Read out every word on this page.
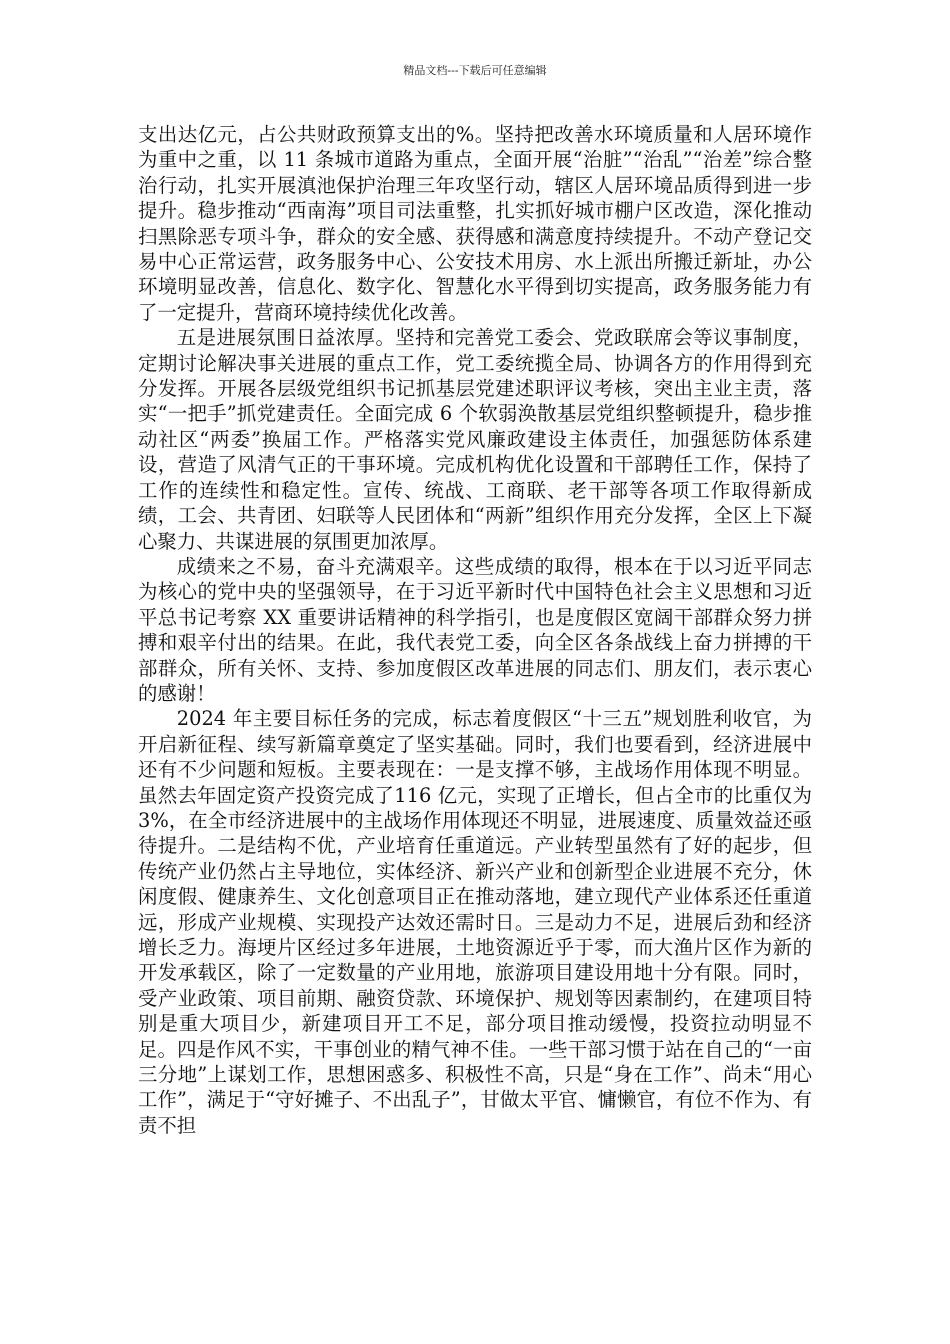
精品文档---下载后可任意编辑

支出达亿元，占公共财政预算支出的%。坚持把改善水环境质量和人居环境作为重中之重，以 11 条城市道路为重点，全面开展“治脏”“治乱”“治差”综合整治行动，扎实开展滇池保护治理三年攻坚行动，辖区人居环境品质得到进一步提升。稳步推动“西南海”项目司法重整，扎实抓好城市棚户区改造，深化推动扫黑除恶专项斗争，群众的安全感、获得感和满意度持续提升。不动产登记交易中心正常运营，政务服务中心、公安技术用房、水上派出所搬迁新址，办公环境明显改善，信息化、数字化、智慧化水平得到切实提高，政务服务能力有了一定提升，营商环境持续优化改善。

五是进展氛围日益浓厚。坚持和完善党工委会、党政联席会等议事制度，定期讨论解决事关进展的重点工作，党工委统揽全局、协调各方的作用得到充分发挥。开展各层级党组织书记抓基层党建述职评议考核，突出主业主责，落实“一把手”抓党建责任。全面完成 6 个软弱涣散基层党组织整顿提升，稳步推动社区“两委”换届工作。严格落实党风廉政建设主体责任，加强惩防体系建设，营造了风清气正的干事环境。完成机构优化设置和干部聘任工作，保持了工作的连续性和稳定性。宣传、统战、工商联、老干部等各项工作取得新成绩，工会、共青团、妇联等人民团体和“两新”组织作用充分发挥，全区上下凝心聚力、共谋进展的氛围更加浓厚。

成绩来之不易，奋斗充满艰辛。这些成绩的取得，根本在于以习近平同志为核心的党中央的坚强领导，在于习近平新时代中国特色社会主义思想和习近平总书记考察 XX 重要讲话精神的科学指引，也是度假区宽阔干部群众努力拼搏和艰辛付出的结果。在此，我代表党工委，向全区各条战线上奋力拼搏的干部群众，所有关怀、支持、参加度假区改革进展的同志们、朋友们，表示衷心的感谢！

2024 年主要目标任务的完成，标志着度假区“十三五”规划胜利收官，为开启新征程、续写新篇章奠定了坚实基础。同时，我们也要看到，经济进展中还有不少问题和短板。主要表现在：一是支撑不够，主战场作用体现不明显。虽然去年固定资产投资完成了116 亿元，实现了正增长，但占全市的比重仅为 3%，在全市经济进展中的主战场作用体现还不明显，进展速度、质量效益还亟待提升。二是结构不优，产业培育任重道远。产业转型虽然有了好的起步，但传统产业仍然占主导地位，实体经济、新兴产业和创新型企业进展不充分，休闲度假、健康养生、文化创意项目正在推动落地，建立现代产业体系还任重道远，形成产业规模、实现投产达效还需时日。三是动力不足，进展后劲和经济增长乏力。海埂片区经过多年进展，土地资源近乎于零，而大渔片区作为新的开发承载区，除了一定数量的产业用地，旅游项目建设用地十分有限。同时，受产业政策、项目前期、融资贷款、环境保护、规划等因素制约，在建项目特别是重大项目少，新建项目开工不足，部分项目推动缓慢，投资拉动明显不足。四是作风不实，干事创业的精气神不佳。一些干部习惯于站在自己的“一亩三分地”上谋划工作，思想困惑多、积极性不高，只是“身在工作”、尚未“用心工作”，满足于“守好摊子、不出乱子”，甘做太平官、慵懒官，有位不作为、有责不担
